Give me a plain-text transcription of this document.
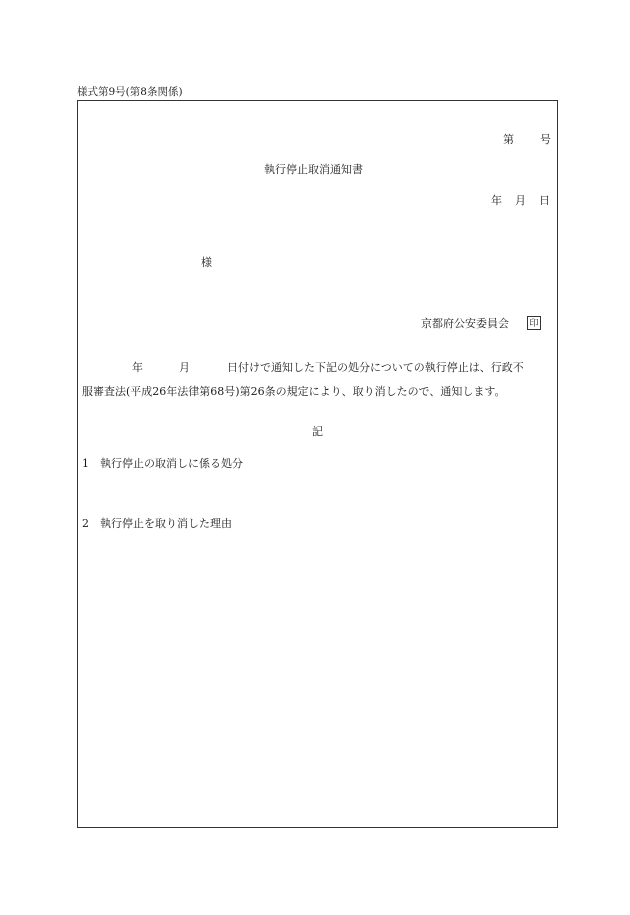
様式第9号(第8条関係)
第 号
執行停止取消通知書
年 月 日
様
京都府公安委員会 印
年	月	日付けで通知した下記の処分についての執行停止は、行政不
服審査法(平成26年法律第68号)第26条の規定により、取り消したので、通知します。
記
1　執行停止の取消しに係る処分
2　執行停止を取り消した理由
